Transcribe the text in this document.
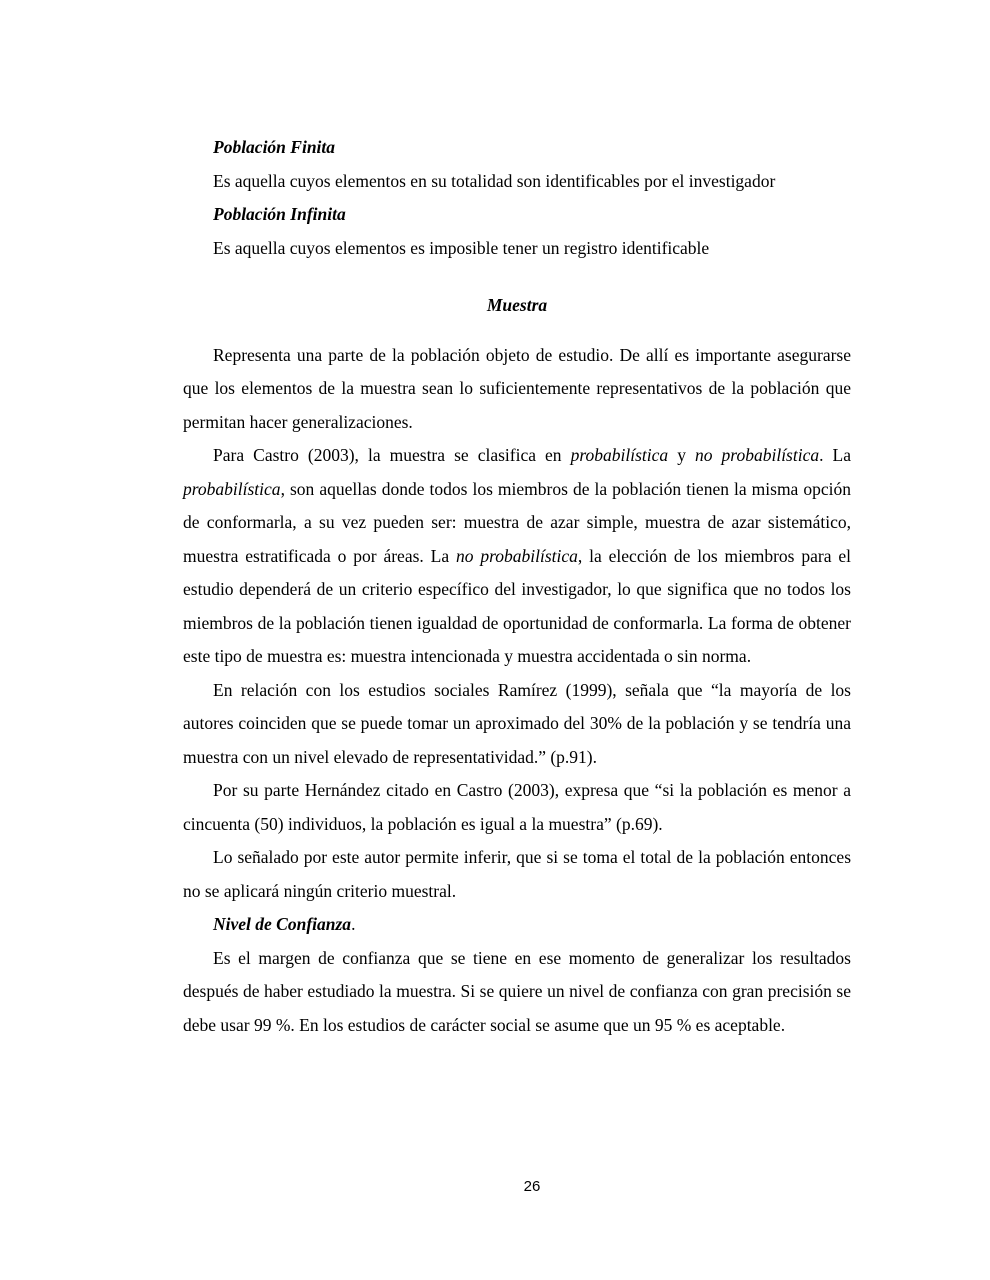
Población Finita

Es aquella cuyos elementos en su totalidad son identificables por el investigador

Población Infinita

Es aquella cuyos elementos es imposible tener un registro identificable

Muestra

Representa una parte de la población objeto de estudio. De allí es importante asegurarse que los elementos de la muestra sean lo suficientemente representativos de la población que permitan hacer generalizaciones.

Para Castro (2003), la muestra se clasifica en probabilística y no probabilística. La probabilística, son aquellas donde todos los miembros de la población tienen la misma opción de conformarla, a su vez pueden ser: muestra de azar simple, muestra de azar sistemático, muestra estratificada o por áreas. La no probabilística, la elección de los miembros para el estudio dependerá de un criterio específico del investigador, lo que significa que no todos los miembros de la población tienen igualdad de oportunidad de conformarla. La forma de obtener este tipo de muestra es: muestra intencionada y muestra accidentada o sin norma.

En relación con los estudios sociales Ramírez (1999), señala que “la mayoría de los autores coinciden que se puede tomar un aproximado del 30% de la población y se tendría una muestra con un nivel elevado de representatividad.” (p.91).

Por su parte Hernández citado en Castro (2003), expresa que “si la población es menor a cincuenta (50) individuos, la población es igual a la muestra” (p.69).

Lo señalado por este autor permite inferir, que si se toma el total de la población entonces no se aplicará ningún criterio muestral.

Nivel de Confianza.

Es el margen de confianza que se tiene en ese momento de generalizar los resultados después de haber estudiado la muestra. Si se quiere un nivel de confianza con gran precisión se debe usar 99 %. En los estudios de carácter social se asume que un 95 % es aceptable.

26
